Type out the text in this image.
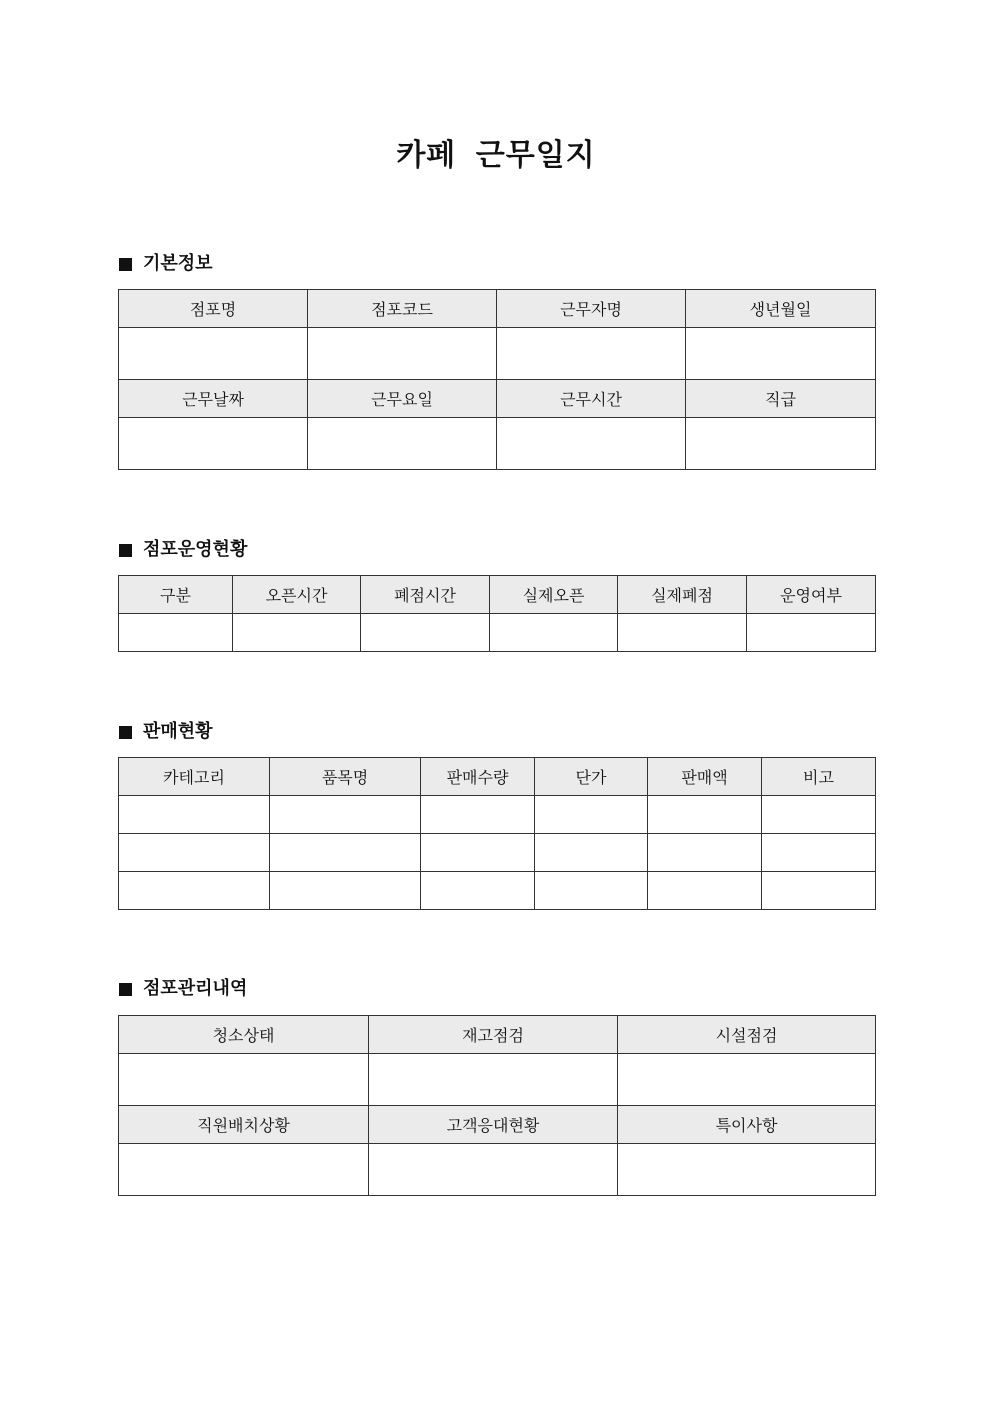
카페 근무일지
기본정보
점포명	점포코드	근무자명	생년월일

근무날짜	근무요일	근무시간	직급

점포운영현황
구분	오픈시간	폐점시간	실제오픈	실제폐점	운영여부

판매현황
카테고리	품목명	판매수량	단가	판매액	비고

점포관리내역
청소상태	재고점검	시설점검

직원배치상황	고객응대현황	특이사항
